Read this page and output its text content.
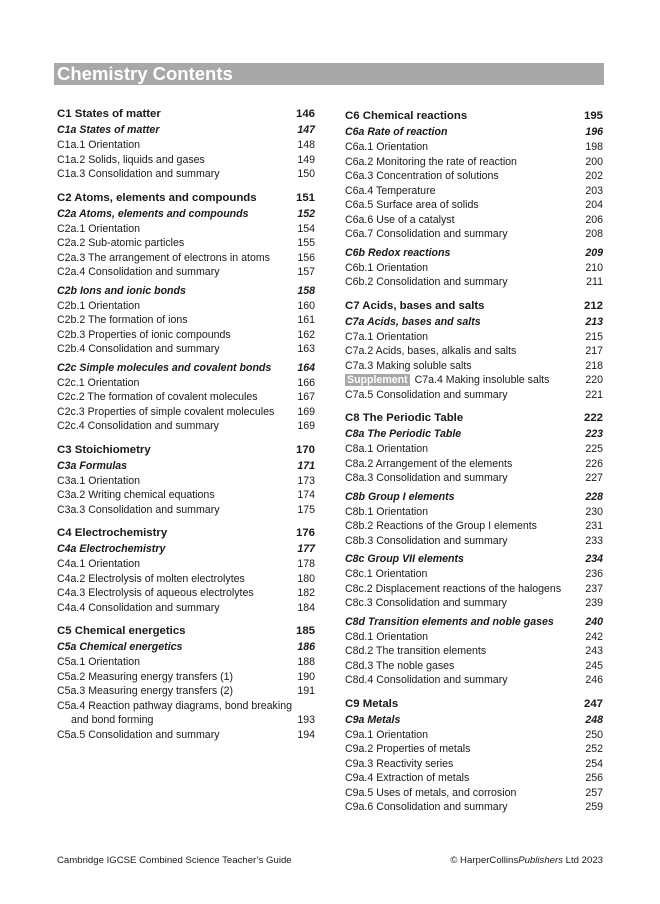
Chemistry Contents
C1 States of matter	146
C1a States of matter	147
C1a.1 Orientation	148
C1a.2 Solids, liquids and gases	149
C1a.3 Consolidation and summary	150
C2 Atoms, elements and compounds	151
C2a Atoms, elements and compounds	152
C2a.1 Orientation	154
C2a.2 Sub-atomic particles	155
C2a.3 The arrangement of electrons in atoms	156
C2a.4 Consolidation and summary	157
C2b Ions and ionic bonds	158
C2b.1 Orientation	160
C2b.2 The formation of ions	161
C2b.3 Properties of ionic compounds	162
C2b.4 Consolidation and summary	163
C2c Simple molecules and covalent bonds 164
C2c.1 Orientation	166
C2c.2 The formation of covalent molecules	167
C2c.3 Properties of simple covalent molecules 169
C2c.4 Consolidation and summary	169
C3 Stoichiometry	170
C3a Formulas	171
C3a.1 Orientation	173
C3a.2 Writing chemical equations	174
C3a.3 Consolidation and summary	175
C4 Electrochemistry	176
C4a Electrochemistry	177
C4a.1 Orientation	178
C4a.2 Electrolysis of molten electrolytes	180
C4a.3 Electrolysis of aqueous electrolytes	182
C4a.4 Consolidation and summary	184
C5 Chemical energetics	185
C5a Chemical energetics	186
C5a.1 Orientation	188
C5a.2 Measuring energy transfers (1)	190
C5a.3 Measuring energy transfers (2)	191
C5a.4 Reaction pathway diagrams, bond breaking
and bond forming	193
C5a.5 Consolidation and summary	194
C6 Chemical reactions	195
C6a Rate of reaction	196
C6a.1 Orientation	198
C6a.2 Monitoring the rate of reaction	200
C6a.3 Concentration of solutions	202
C6a.4 Temperature	203
C6a.5 Surface area of solids	204
C6a.6 Use of a catalyst	206
C6a.7 Consolidation and summary	208
C6b Redox reactions	209
C6b.1 Orientation	210
C6b.2 Consolidation and summary	211
C7 Acids, bases and salts	212
C7a Acids, bases and salts	213
C7a.1 Orientation	215
C7a.2 Acids, bases, alkalis and salts	217
C7a.3 Making soluble salts	218
Supplement C7a.4 Making insoluble salts	220
C7a.5 Consolidation and summary	221
C8 The Periodic Table	222
C8a The Periodic Table	223
C8a.1 Orientation	225
C8a.2 Arrangement of the elements	226
C8a.3 Consolidation and summary	227
C8b Group I elements	228
C8b.1 Orientation	230
C8b.2 Reactions of the Group I elements	231
C8b.3 Consolidation and summary	233
C8c Group VII elements	234
C8c.1 Orientation	236
C8c.2 Displacement reactions of the halogens 237
C8c.3 Consolidation and summary	239
C8d Transition elements and noble gases	240
C8d.1 Orientation	242
C8d.2 The transition elements	243
C8d.3 The noble gases	245
C8d.4 Consolidation and summary	246
C9 Metals	247
C9a Metals	248
C9a.1 Orientation	250
C9a.2 Properties of metals	252
C9a.3 Reactivity series	254
C9a.4 Extraction of metals	256
C9a.5 Uses of metals, and corrosion	257
C9a.6 Consolidation and summary	259
Cambridge IGCSE Combined Science Teacher’s Guide	© HarperCollinsPublishers Ltd 2023
